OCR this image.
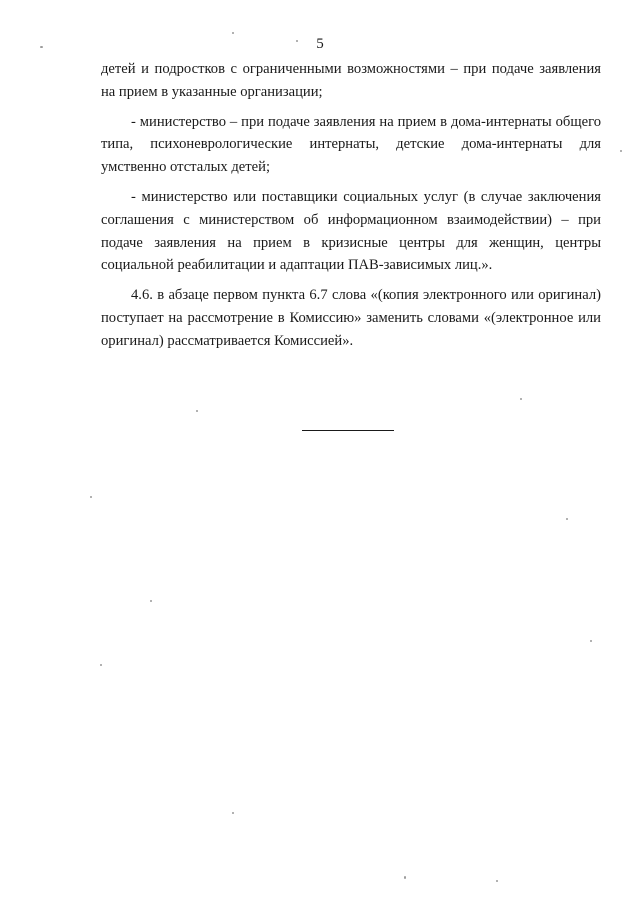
5

детей и подростков с ограниченными возможностями – при подаче заявления на прием в указанные организации;

- министерство – при подаче заявления на прием в дома-интернаты общего типа, психоневрологические интернаты, детские дома-интернаты для умственно отсталых детей;

- министерство или поставщики социальных услуг (в случае заключения соглашения с министерством об информационном взаимодействии) – при подаче заявления на прием в кризисные центры для женщин, центры социальной реабилитации и адаптации ПАВ-зависимых лиц.».

4.6. в абзаце первом пункта 6.7 слова «(копия электронного или оригинал) поступает на рассмотрение в Комиссию» заменить словами «(электронное или оригинал) рассматривается Комиссией».
